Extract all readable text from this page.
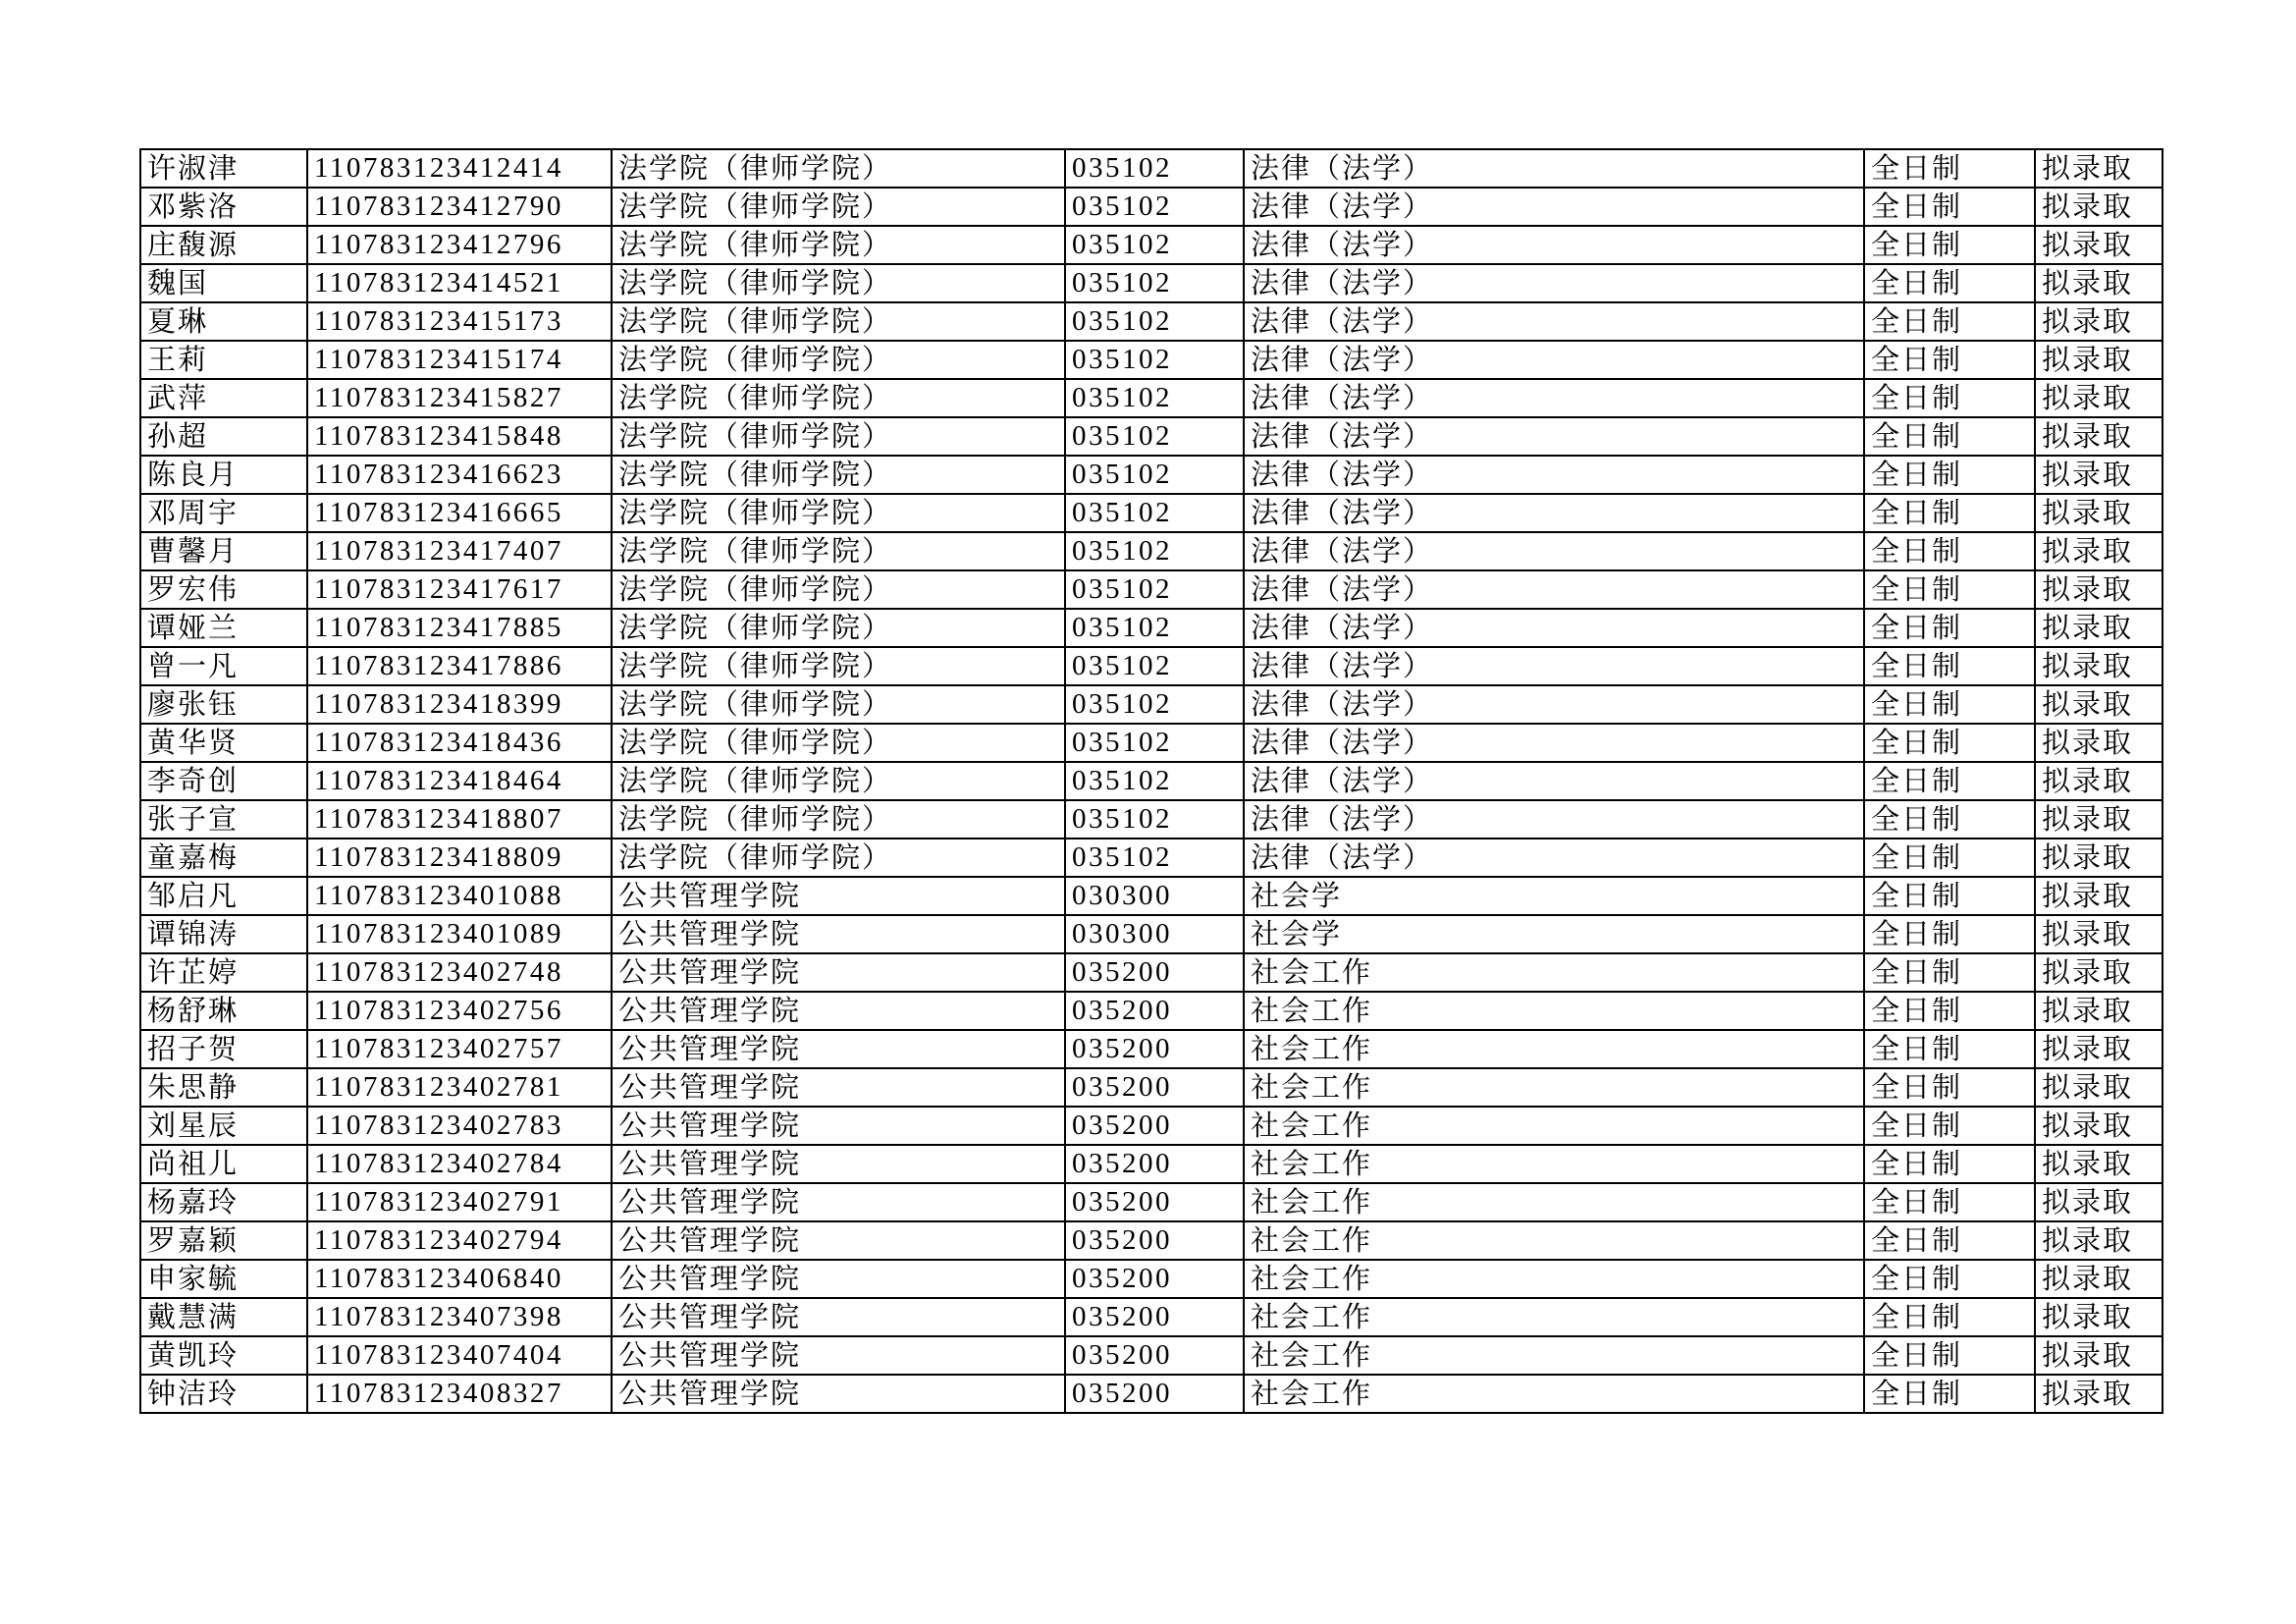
许淑津	110783123412414	法学院（律师学院）	035102	法律（法学）	全日制	拟录取
邓紫洛	110783123412790	法学院（律师学院）	035102	法律（法学）	全日制	拟录取
庄馥源	110783123412796	法学院（律师学院）	035102	法律（法学）	全日制	拟录取
魏国	110783123414521	法学院（律师学院）	035102	法律（法学）	全日制	拟录取
夏琳	110783123415173	法学院（律师学院）	035102	法律（法学）	全日制	拟录取
王莉	110783123415174	法学院（律师学院）	035102	法律（法学）	全日制	拟录取
武萍	110783123415827	法学院（律师学院）	035102	法律（法学）	全日制	拟录取
孙超	110783123415848	法学院（律师学院）	035102	法律（法学）	全日制	拟录取
陈良月	110783123416623	法学院（律师学院）	035102	法律（法学）	全日制	拟录取
邓周宇	110783123416665	法学院（律师学院）	035102	法律（法学）	全日制	拟录取
曹馨月	110783123417407	法学院（律师学院）	035102	法律（法学）	全日制	拟录取
罗宏伟	110783123417617	法学院（律师学院）	035102	法律（法学）	全日制	拟录取
谭娅兰	110783123417885	法学院（律师学院）	035102	法律（法学）	全日制	拟录取
曾一凡	110783123417886	法学院（律师学院）	035102	法律（法学）	全日制	拟录取
廖张钰	110783123418399	法学院（律师学院）	035102	法律（法学）	全日制	拟录取
黄华贤	110783123418436	法学院（律师学院）	035102	法律（法学）	全日制	拟录取
李奇创	110783123418464	法学院（律师学院）	035102	法律（法学）	全日制	拟录取
张子宣	110783123418807	法学院（律师学院）	035102	法律（法学）	全日制	拟录取
童嘉梅	110783123418809	法学院（律师学院）	035102	法律（法学）	全日制	拟录取
邹启凡	110783123401088	公共管理学院	030300	社会学	全日制	拟录取
谭锦涛	110783123401089	公共管理学院	030300	社会学	全日制	拟录取
许芷婷	110783123402748	公共管理学院	035200	社会工作	全日制	拟录取
杨舒琳	110783123402756	公共管理学院	035200	社会工作	全日制	拟录取
招子贺	110783123402757	公共管理学院	035200	社会工作	全日制	拟录取
朱思静	110783123402781	公共管理学院	035200	社会工作	全日制	拟录取
刘星辰	110783123402783	公共管理学院	035200	社会工作	全日制	拟录取
尚祖儿	110783123402784	公共管理学院	035200	社会工作	全日制	拟录取
杨嘉玲	110783123402791	公共管理学院	035200	社会工作	全日制	拟录取
罗嘉颖	110783123402794	公共管理学院	035200	社会工作	全日制	拟录取
申家毓	110783123406840	公共管理学院	035200	社会工作	全日制	拟录取
戴慧满	110783123407398	公共管理学院	035200	社会工作	全日制	拟录取
黄凯玲	110783123407404	公共管理学院	035200	社会工作	全日制	拟录取
钟洁玲	110783123408327	公共管理学院	035200	社会工作	全日制	拟录取
